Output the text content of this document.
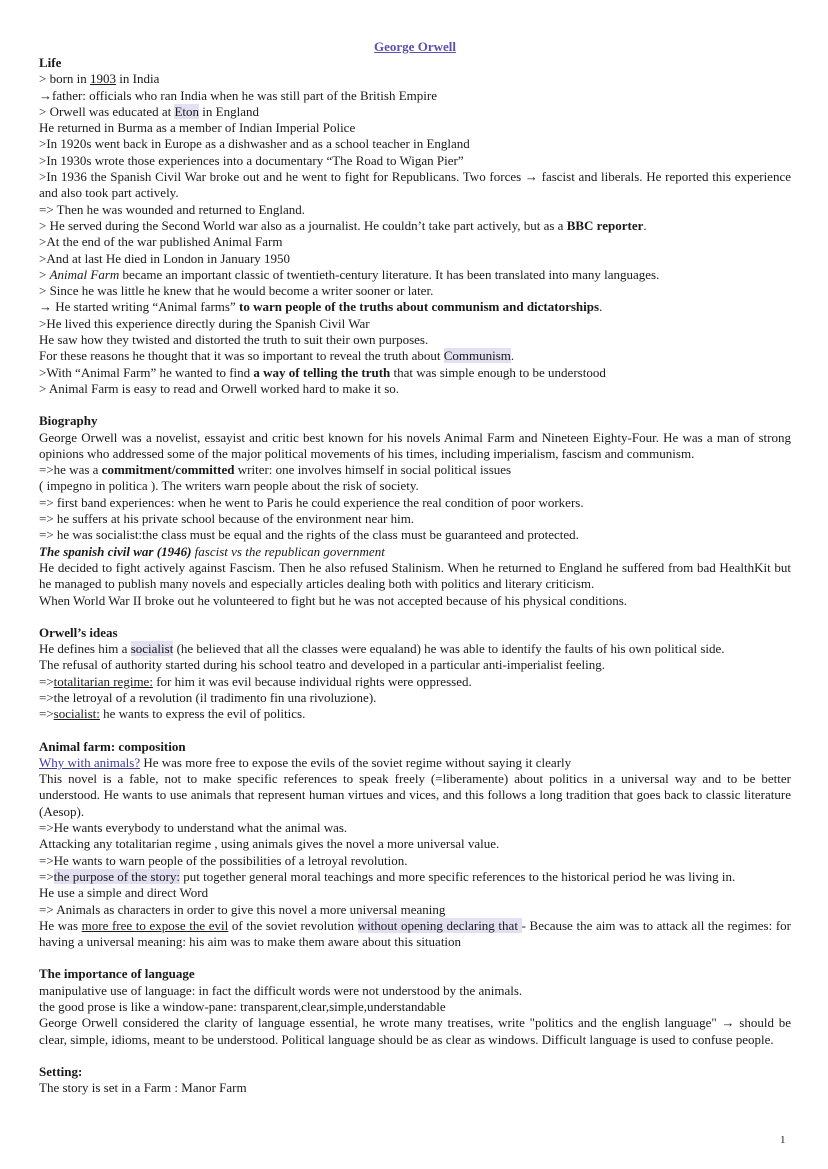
George Orwell
Life
> born in 1903 in India
→father: officials who ran India when he was still part of the British Empire
> Orwell was educated at Eton in England
He returned in Burma as a member of Indian Imperial Police
>In 1920s went back in Europe as a dishwasher and as a school teacher in England
>In 1930s wrote those experiences into a documentary “The Road to Wigan Pier”
>In 1936 the Spanish Civil War broke out and he went to fight for Republicans. Two forces → fascist and liberals. He reported this experience and also took part actively.
=> Then he was wounded and returned to England.
> He served during the Second World war also as a journalist. He couldn’t take part actively, but as a BBC reporter.
>At the end of the war published Animal Farm
>And at last He died in London in January 1950
> Animal Farm became an important classic of twentieth-century literature. It has been translated into many languages.
> Since he was little he knew that he would become a writer sooner or later.
→ He started writing “Animal farms” to warn people of the truths about communism and dictatorships.
>He lived this experience directly during the Spanish Civil War
He saw how they twisted and distorted the truth to suit their own purposes.
For these reasons he thought that it was so important to reveal the truth about Communism.
>With “Animal Farm” he wanted to find a way of telling the truth that was simple enough to be understood
> Animal Farm is easy to read and Orwell worked hard to make it so.
Biography
George Orwell was a novelist, essayist and critic best known for his novels Animal Farm and Nineteen Eighty-Four. He was a man of strong opinions who addressed some of the major political movements of his times, including imperialism, fascism and communism.
=>he was a commitment/committed writer: one involves himself in social political issues
( impegno in politica ). The writers warn people about the risk of society.
=> first band experiences: when he went to Paris he could experience the real condition of poor workers.
=> he suffers at his private school because of the environment near him.
=> he was socialist:the class must be equal and the rights of the class must be guaranteed and protected.
The spanish civil war (1946) fascist vs the republican government
He decided to fight actively against Fascism. Then he also refused Stalinism. When he returned to England he suffered from bad HealthKit but he managed to publish many novels and especially articles dealing both with politics and literary criticism.
When World War II broke out he volunteered to fight but he was not accepted because of his physical conditions.
Orwell’s ideas
He defines him a socialist (he believed that all the classes were equaland) he was able to identify the faults of his own political side.
The refusal of authority started during his school teatro and developed in a particular anti-imperialist feeling.
=>totalitarian regime: for him it was evil because individual rights were oppressed.
=>the letroyal of a revolution (il tradimento fin una rivoluzione).
=>socialist: he wants to express the evil of politics.
Animal farm: composition
Why with animals? He was more free to expose the evils of the soviet regime without saying it clearly
This novel is a fable, not to make specific references to speak freely (=liberamente) about politics in a universal way and to be better understood. He wants to use animals that represent human virtues and vices, and this follows a long tradition that goes back to classic literature (Aesop).
=>He wants everybody to understand what the animal was.
Attacking any totalitarian regime , using animals gives the novel a more universal value.
=>He wants to warn people of the possibilities of a letroyal revolution.
=>the purpose of the story: put together general moral teachings and more specific references to the historical period he was living in.
He use a simple and direct Word
=> Animals as characters in order to give this novel a more universal meaning
He was more free to expose the evil of the soviet revolution without opening declaring that - Because the aim was to attack all the regimes: for having a universal meaning: his aim was to make them aware about this situation
The importance of language
manipulative use of language: in fact the difficult words were not understood by the animals.
the good prose is like a window-pane: transparent,clear,simple,understandable
George Orwell considered the clarity of language essential, he wrote many treatises, write "politics and the english language" → should be clear, simple, idioms, meant to be understood. Political language should be as clear as windows. Difficult language is used to confuse people.
Setting:
The story is set in a Farm : Manor Farm
1
